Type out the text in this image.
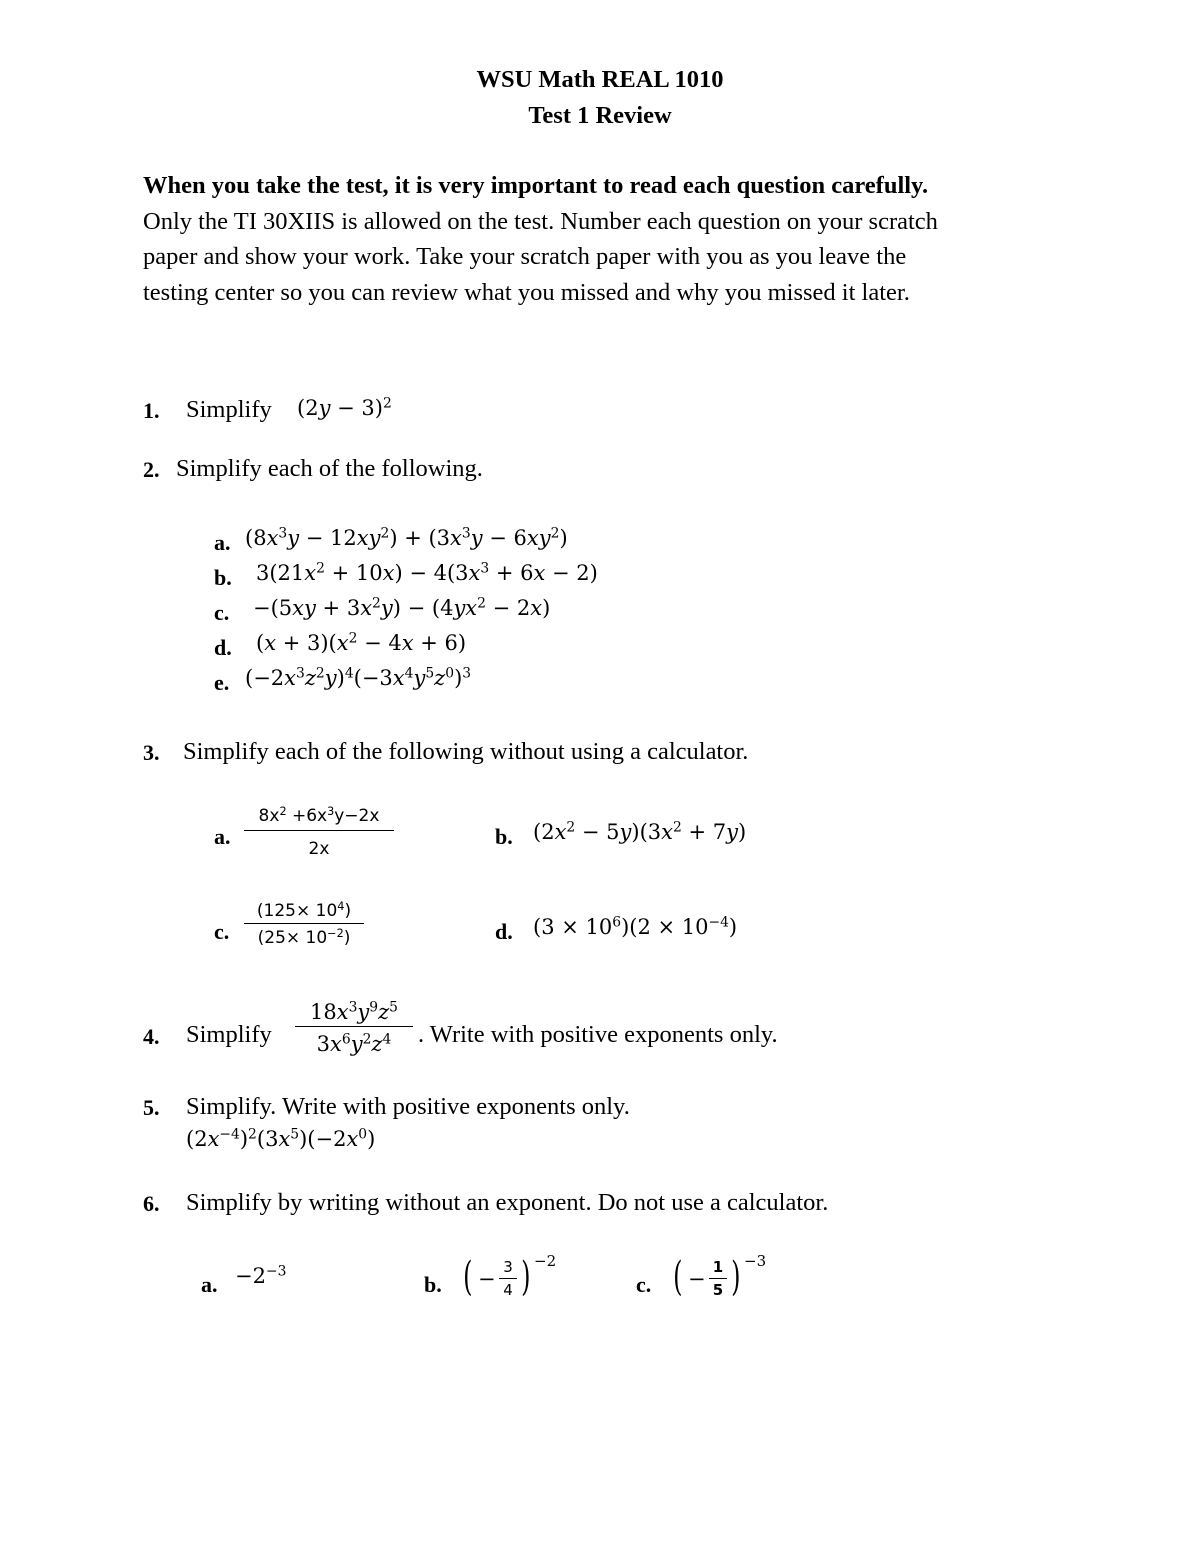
WSU Math REAL 1010
Test 1 Review
When you take the test, it is very important to read each question carefully.
Only the TI 30XIIS is allowed on the test. Number each question on your scratch
paper and show your work. Take your scratch paper with you as you leave the
testing center so you can review what you missed and why you missed it later.
1. Simplify $(2y - 3)^2$
2. Simplify each of the following.
a. $(8x^3y - 12xy^2) + (3x^3y - 6xy^2)$
b. $3(21x^2 + 10x) - 4(3x^3 + 6x - 2)$
c. $-(5xy + 3x^2y) - (4yx^2 - 2x)$
d. $(x + 3)(x^2 - 4x + 6)$
e. $(-2x^3z^2y)^4(-3x^4y^5z^0)^3$
3. Simplify each of the following without using a calculator.
a.
$8x^2 +6x^3y-2x$
2x	b. $(2x^2 - 5y)(3x^2 + 7y)$
c.
$(125\times 10^4)$
$(25\times 10^{-2})$	d. $(3 \times 10^6)(2 \times 10^{-4})$
4. Simplify
$18x^3y^9z^5$
$3x^6y^2z^4$	. Write with positive exponents only.
5. Simplify. Write with positive exponents only.
$(2x^{-4})^2(3x^5)(-2x^0)$
6. Simplify by writing without an exponent. Do not use a calculator.
a. $-2^{-3}$
b. ( − 3
4 ) −2
c. ( − 1
5 ) −3
